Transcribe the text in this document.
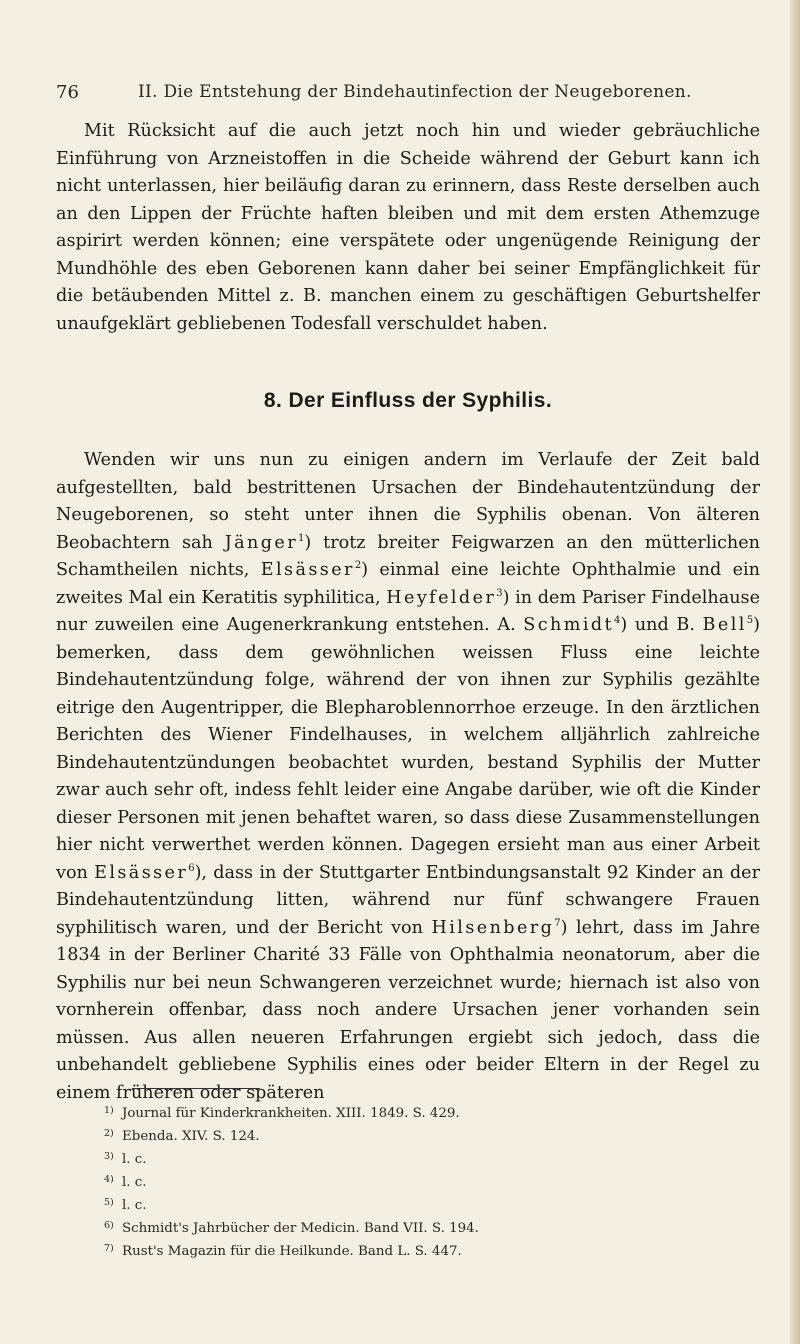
76	II. Die Entstehung der Bindehautinfection der Neugeborenen.

Mit Rücksicht auf die auch jetzt noch hin und wieder gebräuchliche Einführung von Arzneistoffen in die Scheide während der Geburt kann ich nicht unterlassen, hier beiläufig daran zu erinnern, dass Reste derselben auch an den Lippen der Früchte haften bleiben und mit dem ersten Athemzuge aspirirt werden können; eine verspätete oder ungenügende Reinigung der Mundhöhle des eben Geborenen kann daher bei seiner Empfänglichkeit für die betäubenden Mittel z. B. manchen einem zu geschäftigen Geburtshelfer unaufgeklärt gebliebenen Todesfall verschuldet haben.

8. Der Einfluss der Syphilis.

Wenden wir uns nun zu einigen andern im Verlaufe der Zeit bald aufgestellten, bald bestrittenen Ursachen der Bindehautentzündung der Neugeborenen, so steht unter ihnen die Syphilis obenan. Von älteren Beobachtern sah Jänger$^1$) trotz breiter Feigwarzen an den mütterlichen Schamtheilen nichts, Elsässer$^2$) einmal eine leichte Ophthalmie und ein zweites Mal ein Keratitis syphilitica, Heyfelder$^3$) in dem Pariser Findelhause nur zuweilen eine Augenerkrankung entstehen. A. Schmidt$^4$) und B. Bell$^5$) bemerken, dass dem gewöhnlichen weissen Fluss eine leichte Bindehautentzündung folge, während der von ihnen zur Syphilis gezählte eitrige den Augentripper, die Blepharoblennorrhoe erzeuge. In den ärztlichen Berichten des Wiener Findelhauses, in welchem alljährlich zahlreiche Bindehautentzündungen beobachtet wurden, bestand Syphilis der Mutter zwar auch sehr oft, indess fehlt leider eine Angabe darüber, wie oft die Kinder dieser Personen mit jenen behaftet waren, so dass diese Zusammenstellungen hier nicht verwerthet werden können. Dagegen ersieht man aus einer Arbeit von Elsässer$^6$), dass in der Stuttgarter Entbindungsanstalt 92 Kinder an der Bindehautentzündung litten, während nur fünf schwangere Frauen syphilitisch waren, und der Bericht von Hilsenberg$^7$) lehrt, dass im Jahre 1834 in der Berliner Charité 33 Fälle von Ophthalmia neonatorum, aber die Syphilis nur bei neun Schwangeren verzeichnet wurde; hiernach ist also von vornherein offenbar, dass noch andere Ursachen jener vorhanden sein müssen. Aus allen neueren Erfahrungen ergiebt sich jedoch, dass die unbehandelt gebliebene Syphilis eines oder beider Eltern in der Regel zu einem früheren oder späteren

1) Journal für Kinderkrankheiten. XIII. 1849. S. 429.
2) Ebenda. XIV. S. 124.
3) l. c.
4) l. c.
5) l. c.
6) Schmidt's Jahrbücher der Medicin. Band VII. S. 194.
7) Rust's Magazin für die Heilkunde. Band L. S. 447.
